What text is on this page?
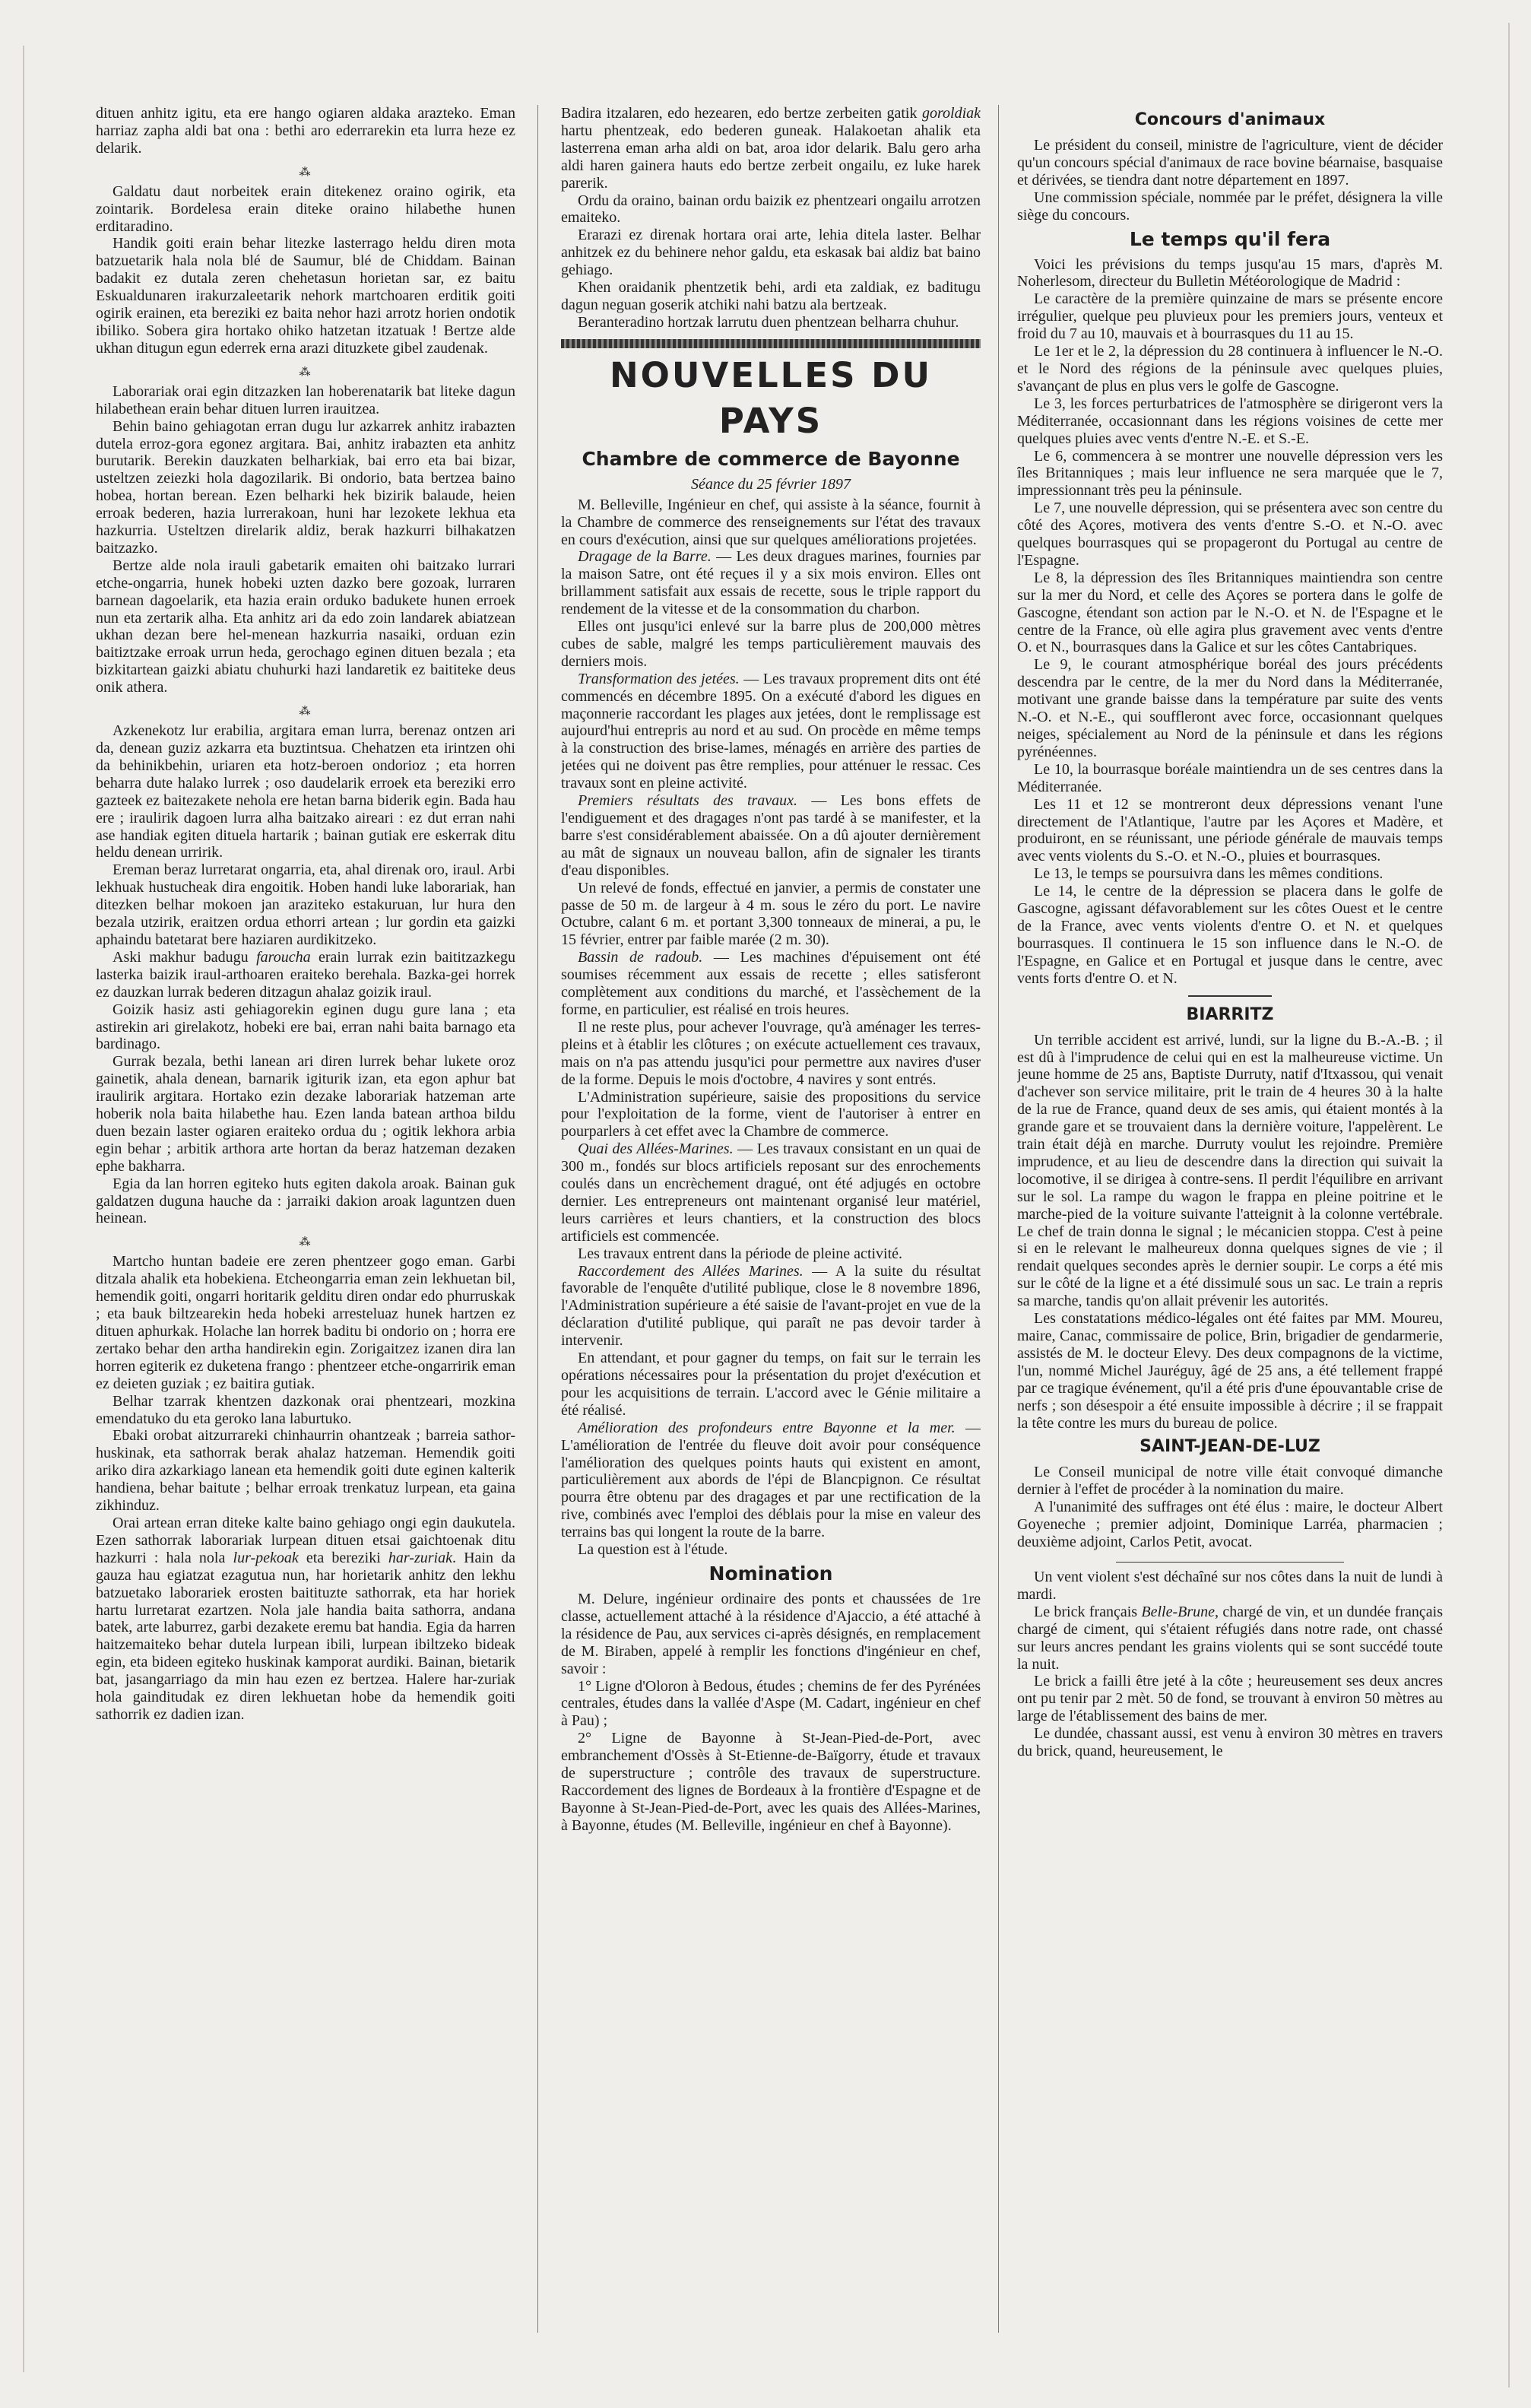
dituen anhitz igitu, eta ere hango ogiaren aldaka arazteko. Eman harriaz zapha aldi bat ona : bethi aro ederrarekin eta lurra heze ez delarik.

⁂

Galdatu daut norbeitek erain ditekenez oraino ogirik, eta zointarik. Bordelesa erain diteke oraino hilabethe hunen erditaradino.

Handik goiti erain behar litezke lasterrago heldu diren mota batzuetarik hala nola blé de Saumur, blé de Chiddam. Bainan badakit ez dutala zeren chehetasun horietan sar, ez baitu Eskualdunaren irakurzaleetarik nehork martchoaren erditik goiti ogirik erainen, eta bereziki ez baita nehor hazi arrotz horien ondotik ibiliko. Sobera gira hortako ohiko hatzetan itzatuak ! Bertze alde ukhan ditugun egun ederrek erna arazi dituzkete gibel zaudenak.

⁂

Laborariak orai egin ditzazken lan hoberenatarik bat liteke dagun hilabethean erain behar dituen lurren irauitzea.

Behin baino gehiagotan erran dugu lur azkarrek anhitz irabazten dutela erroz-gora egonez argitara. Bai, anhitz irabazten eta anhitz burutarik. Berekin dauzkaten belharkiak, bai erro eta bai bizar, usteltzen zeiezki hola dagozilarik. Bi ondorio, bata bertzea baino hobea, hortan berean. Ezen belharki hek bizirik balaude, heien erroak bederen, hazia lurrerakoan, huni har lezokete lekhua eta hazkurria. Usteltzen direlarik aldiz, berak hazkurri bilhakatzen baitzazko.

Bertze alde nola irauli gabetarik emaiten ohi baitzako lurrari etche-ongarria, hunek hobeki uzten dazko bere gozoak, lurraren barnean dagoelarik, eta hazia erain orduko badukete hunen erroek nun eta zertarik alha. Eta anhitz ari da edo zoin landarek abiatzean ukhan dezan bere hel-menean hazkurria nasaiki, orduan ezin baitiztzake erroak urrun heda, gerochago eginen dituen bezala ; eta bizkitartean gaizki abiatu chuhurki hazi landaretik ez baititeke deus onik athera.

⁂

Azkenekotz lur erabilia, argitara eman lurra, berenaz ontzen ari da, denean guziz azkarra eta buztintsua. Chehatzen eta irintzen ohi da behinikbehin, uriaren eta hotz-beroen ondorioz ; eta horren beharra dute halako lurrek ; oso daudelarik erroek eta bereziki erro gazteek ez baitezakete nehola ere hetan barna biderik egin. Bada hau ere ; iraulirik dagoen lurra alha baitzako aireari : ez dut erran nahi ase handiak egiten dituela hartarik ; bainan gutiak ere eskerrak ditu heldu denean urririk.

Ereman beraz lurretarat ongarria, eta, ahal direnak oro, iraul. Arbi lekhuak hustucheak dira engoitik. Hoben handi luke laborariak, han ditezken belhar mokoen jan araziteko estakuruan, lur hura den bezala utzirik, eraitzen ordua ethorri artean ; lur gordin eta gaizki aphaindu batetarat bere haziaren aurdikitzeko.

Aski makhur badugu farouchа erain lurrak ezin baititzazkegu lasterka baizik iraul-arthoaren eraiteko berehala. Bazka-gei horrek ez dauzkan lurrak bederen ditzagun ahalaz goizik iraul.

Goizik hasiz asti gehiagorekin eginen dugu gure lana ; eta astirekin ari girelakotz, hobeki ere bai, erran nahi baita barnago eta bardinago.

Gurrak bezala, bethi lanean ari diren lurrek behar lukete oroz gainetik, ahala denean, barnarik igiturik izan, eta egon aphur bat iraulirik argitara. Hortako ezin dezake laborariak hatzeman arte hoberik nola baita hilabethe hau. Ezen landa batean arthoa bildu duen bezain laster ogiaren eraiteko ordua du ; ogitik lekhora arbia egin behar ; arbitik arthora arte hortan da beraz hatzeman dezaken ephe bakharra.

Egia da lan horren egiteko huts egiten dakola aroak. Bainan guk galdatzen duguna hauche da : jarraiki dakion aroak laguntzen duen heinean.

⁂

Martcho huntan badeie ere zeren phentzeer gogo eman. Garbi ditzala ahalik eta hobekiena. Etcheongarria eman zein lekhuetan bil, hemendik goiti, ongarri horitarik gelditu diren ondar edo phurruskak ; eta bauk biltzearekin heda hobeki arresteluaz hunek hartzen ez dituen aphurkak. Holache lan horrek baditu bi ondorio on ; horra ere zertako behar den artha handirekin egin. Zorigaitzez izanen dira lan horren egiterik ez duketena frango : phentzeer etche-ongarririk eman ez deieten guziak ; ez baitira gutiak.

Belhar tzarrak khentzen dazkonak orai phentzeari, mozkina emendatuko du eta geroko lana laburtuko.

Ebaki orobat aitzurrareki chinhaurrin ohantzeak ; barreia sathor-huskinak, eta sathorrak berak ahalaz hatzeman. Hemendik goiti ariko dira azkarkiago lanean eta hemendik goiti dute eginen kalterik handiena, behar baitute ; belhar erroak trenkatuz lurpean, eta gaina zikhinduz.

Orai artean erran diteke kalte baino gehiago ongi egin daukutela. Ezen sathorrak laborariak lurpean dituen etsai gaichtoenak ditu hazkurri : hala nola lur-pekoak eta bereziki har-zuriak. Hain da gauza hau egiatzat ezagutua nun, har horietarik anhitz den lekhu batzuetako laborariek erosten baitituzte sathorrak, eta har horiek hartu lurretarat ezartzen. Nola jale handia baita sathorra, andana batek, arte laburrez, garbi dezakete eremu bat handia. Egia da harren haitzemaiteko behar dutela lurpean ibili, lurpean ibiltzeko bideak egin, eta bideen egiteko huskinak kamporat aurdiki. Bainan, bietarik bat, jasangarriago da min hau ezen ez bertzea. Halere har-zuriak hola gainditudak ez diren lekhuetan hobe da hemendik goiti sathorrik ez dadien izan.

Badira itzalaren, edo hezearen, edo bertze zerbeiten gatik goroldiak hartu phentzeak, edo bederen guneak. Halakoetan ahalik eta lasterrena eman arha aldi on bat, aroa idor delarik. Balu gero arha aldi haren gainera hauts edo bertze zerbeit ongailu, ez luke harek parerik.

Ordu da oraino, bainan ordu baizik ez phentzeari ongailu arrotzen emaiteko.

Erarazi ez direnak hortara orai arte, lehia ditela laster. Belhar anhitzek ez du behinere nehor galdu, eta eskasak bai aldiz bat baino gehiago.

Khen oraidanik phentzetik behi, ardi eta zaldiak, ez baditugu dagun neguan goserik atchiki nahi batzu ala bertzeak.

Beranteradino hortzak larrutu duen phentzean belharra chuhur.

NOUVELLES DU PAYS
Chambre de commerce de Bayonne
Séance du 25 février 1897

M. Belleville, Ingénieur en chef, qui assiste à la séance, fournit à la Chambre de commerce des renseignements sur l'état des travaux en cours d'exécution, ainsi que sur quelques améliorations projetées.

Dragage de la Barre. — Les deux dragues marines, fournies par la maison Satre, ont été reçues il y a six mois environ. Elles ont brillamment satisfait aux essais de recette, sous le triple rapport du rendement de la vitesse et de la consommation du charbon.

Elles ont jusqu'ici enlevé sur la barre plus de 200,000 mètres cubes de sable, malgré les temps particulièrement mauvais des derniers mois.

Transformation des jetées. — Les travaux proprement dits ont été commencés en décembre 1895. On a exécuté d'abord les digues en maçonnerie raccordant les plages aux jetées, dont le remplissage est aujourd'hui entrepris au nord et au sud. On procède en même temps à la construction des brise-lames, ménagés en arrière des parties de jetées qui ne doivent pas être remplies, pour atténuer le ressac. Ces travaux sont en pleine activité.

Premiers résultats des travaux. — Les bons effets de l'endiguement et des dragages n'ont pas tardé à se manifester, et la barre s'est considérablement abaissée. On a dû ajouter dernièrement au mât de signaux un nouveau ballon, afin de signaler les tirants d'eau disponibles.

Un relevé de fonds, effectué en janvier, a permis de constater une passe de 50 m. de largeur à 4 m. sous le zéro du port. Le navire Octubre, calant 6 m. et portant 3,300 tonneaux de minerai, a pu, le 15 février, entrer par faible marée (2 m. 30).

Bassin de radoub. — Les machines d'épuisement ont été soumises récemment aux essais de recette ; elles satisferont complètement aux conditions du marché, et l'assèchement de la forme, en particulier, est réalisé en trois heures.

Il ne reste plus, pour achever l'ouvrage, qu'à aménager les terres-pleins et à établir les clôtures ; on exécute actuellement ces travaux, mais on n'a pas attendu jusqu'ici pour permettre aux navires d'user de la forme. Depuis le mois d'octobre, 4 navires y sont entrés.

L'Administration supérieure, saisie des propositions du service pour l'exploitation de la forme, vient de l'autoriser à entrer en pourparlers à cet effet avec la Chambre de commerce.

Quai des Allées-Marines. — Les travaux consistant en un quai de 300 m., fondés sur blocs artificiels reposant sur des enrochements coulés dans un encrèchement dragué, ont été adjugés en octobre dernier. Les entrepreneurs ont maintenant organisé leur matériel, leurs carrières et leurs chantiers, et la construction des blocs artificiels est commencée.

Les travaux entrent dans la période de pleine activité.

Raccordement des Allées Marines. — A la suite du résultat favorable de l'enquête d'utilité publique, close le 8 novembre 1896, l'Administration supérieure a été saisie de l'avant-projet en vue de la déclaration d'utilité publique, qui paraît ne pas devoir tarder à intervenir.

En attendant, et pour gagner du temps, on fait sur le terrain les opérations nécessaires pour la présentation du projet d'exécution et pour les acquisitions de terrain. L'accord avec le Génie militaire a été réalisé.

Amélioration des profondeurs entre Bayonne et la mer. — L'amélioration de l'entrée du fleuve doit avoir pour conséquence l'amélioration des quelques points hauts qui existent en amont, particulièrement aux abords de l'épi de Blancpignon. Ce résultat pourra être obtenu par des dragages et par une rectification de la rive, combinés avec l'emploi des déblais pour la mise en valeur des terrains bas qui longent la route de la barre.

La question est à l'étude.

Nomination

M. Delure, ingénieur ordinaire des ponts et chaussées de 1re classe, actuellement attaché à la résidence d'Ajaccio, a été attaché à la résidence de Pau, aux services ci-après désignés, en remplacement de M. Biraben, appelé à remplir les fonctions d'ingénieur en chef, savoir :

1° Ligne d'Oloron à Bedous, études ; chemins de fer des Pyrénées centrales, études dans la vallée d'Aspe (M. Cadart, ingénieur en chef à Pau) ;

2° Ligne de Bayonne à St-Jean-Pied-de-Port, avec embranchement d'Ossès à St-Etienne-de-Baïgorry, étude et travaux de superstructure ; contrôle des travaux de superstructure. Raccordement des lignes de Bordeaux à la frontière d'Espagne et de Bayonne à St-Jean-Pied-de-Port, avec les quais des Allées-Marines, à Bayonne, études (M. Belleville, ingénieur en chef à Bayonne).

Concours d'animaux

Le président du conseil, ministre de l'agriculture, vient de décider qu'un concours spécial d'animaux de race bovine béarnaise, basquaise et dérivées, se tiendra dant notre département en 1897.

Une commission spéciale, nommée par le préfet, désignera la ville siège du concours.

Le temps qu'il fera

Voici les prévisions du temps jusqu'au 15 mars, d'après M. Noherlesom, directeur du Bulletin Météorologique de Madrid :

Le caractère de la première quinzaine de mars se présente encore irrégulier, quelque peu pluvieux pour les premiers jours, venteux et froid du 7 au 10, mauvais et à bourrasques du 11 au 15.

Le 1er et le 2, la dépression du 28 continuera à influencer le N.-O. et le Nord des régions de la péninsule avec quelques pluies, s'avançant de plus en plus vers le golfe de Gascogne.

Le 3, les forces perturbatrices de l'atmosphère se dirigeront vers la Méditerranée, occasionnant dans les régions voisines de cette mer quelques pluies avec vents d'entre N.-E. et S.-E.

Le 6, commencera à se montrer une nouvelle dépression vers les îles Britanniques ; mais leur influence ne sera marquée que le 7, impressionnant très peu la péninsule.

Le 7, une nouvelle dépression, qui se présentera avec son centre du côté des Açores, motivera des vents d'entre S.-O. et N.-O. avec quelques bourrasques qui se propageront du Portugal au centre de l'Espagne.

Le 8, la dépression des îles Britanniques maintiendra son centre sur la mer du Nord, et celle des Açores se portera dans le golfe de Gascogne, étendant son action par le N.-O. et N. de l'Espagne et le centre de la France, où elle agira plus gravement avec vents d'entre O. et N., bourrasques dans la Galice et sur les côtes Cantabriques.

Le 9, le courant atmosphérique boréal des jours précédents descendra par le centre, de la mer du Nord dans la Méditerranée, motivant une grande baisse dans la température par suite des vents N.-O. et N.-E., qui souffleront avec force, occasionnant quelques neiges, spécialement au Nord de la péninsule et dans les régions pyrénéennes.

Le 10, la bourrasque boréale maintiendra un de ses centres dans la Méditerranée.

Les 11 et 12 se montreront deux dépressions venant l'une directement de l'Atlantique, l'autre par les Açores et Madère, et produiront, en se réunissant, une période générale de mauvais temps avec vents violents du S.-O. et N.-O., pluies et bourrasques.

Le 13, le temps se poursuivra dans les mêmes conditions.

Le 14, le centre de la dépression se placera dans le golfe de Gascogne, agissant défavorablement sur les côtes Ouest et le centre de la France, avec vents violents d'entre O. et N. et quelques bourrasques. Il continuera le 15 son influence dans le N.-O. de l'Espagne, en Galice et en Portugal et jusque dans le centre, avec vents forts d'entre O. et N.

BIARRITZ

Un terrible accident est arrivé, lundi, sur la ligne du B.-A.-B. ; il est dû à l'imprudence de celui qui en est la malheureuse victime. Un jeune homme de 25 ans, Baptiste Durruty, natif d'Itxassou, qui venait d'achever son service militaire, prit le train de 4 heures 30 à la halte de la rue de France, quand deux de ses amis, qui étaient montés à la grande gare et se trouvaient dans la dernière voiture, l'appelèrent. Le train était déjà en marche. Durruty voulut les rejoindre. Première imprudence, et au lieu de descendre dans la direction qui suivait la locomotive, il se dirigea à contre-sens. Il perdit l'équilibre en arrivant sur le sol. La rampe du wagon le frappa en pleine poitrine et le marche-pied de la voiture suivante l'atteignit à la colonne vertébrale. Le chef de train donna le signal ; le mécanicien stoppa. C'est à peine si en le relevant le malheureux donna quelques signes de vie ; il rendait quelques secondes après le dernier soupir. Le corps a été mis sur le côté de la ligne et a été dissimulé sous un sac. Le train a repris sa marche, tandis qu'on allait prévenir les autorités.

Les constatations médico-légales ont été faites par MM. Moureu, maire, Canac, commissaire de police, Brin, brigadier de gendarmerie, assistés de M. le docteur Elevy. Des deux compagnons de la victime, l'un, nommé Michel Jauréguy, âgé de 25 ans, a été tellement frappé par ce tragique événement, qu'il a été pris d'une épouvantable crise de nerfs ; son désespoir a été ensuite impossible à décrire ; il se frappait la tête contre les murs du bureau de police.

SAINT-JEAN-DE-LUZ

Le Conseil municipal de notre ville était convoqué dimanche dernier à l'effet de procéder à la nomination du maire.

A l'unanimité des suffrages ont été élus : maire, le docteur Albert Goyeneche ; premier adjoint, Dominique Larréa, pharmacien ; deuxième adjoint, Carlos Petit, avocat.

Un vent violent s'est déchaîné sur nos côtes dans la nuit de lundi à mardi.

Le brick français Belle-Brune, chargé de vin, et un dundée français chargé de ciment, qui s'étaient réfugiés dans notre rade, ont chassé sur leurs ancres pendant les grains violents qui se sont succédé toute la nuit.

Le brick a failli être jeté à la côte ; heureusement ses deux ancres ont pu tenir par 2 mèt. 50 de fond, se trouvant à environ 50 mètres au large de l'établissement des bains de mer.

Le dundée, chassant aussi, est venu à environ 30 mètres en travers du brick, quand, heureusement, le
